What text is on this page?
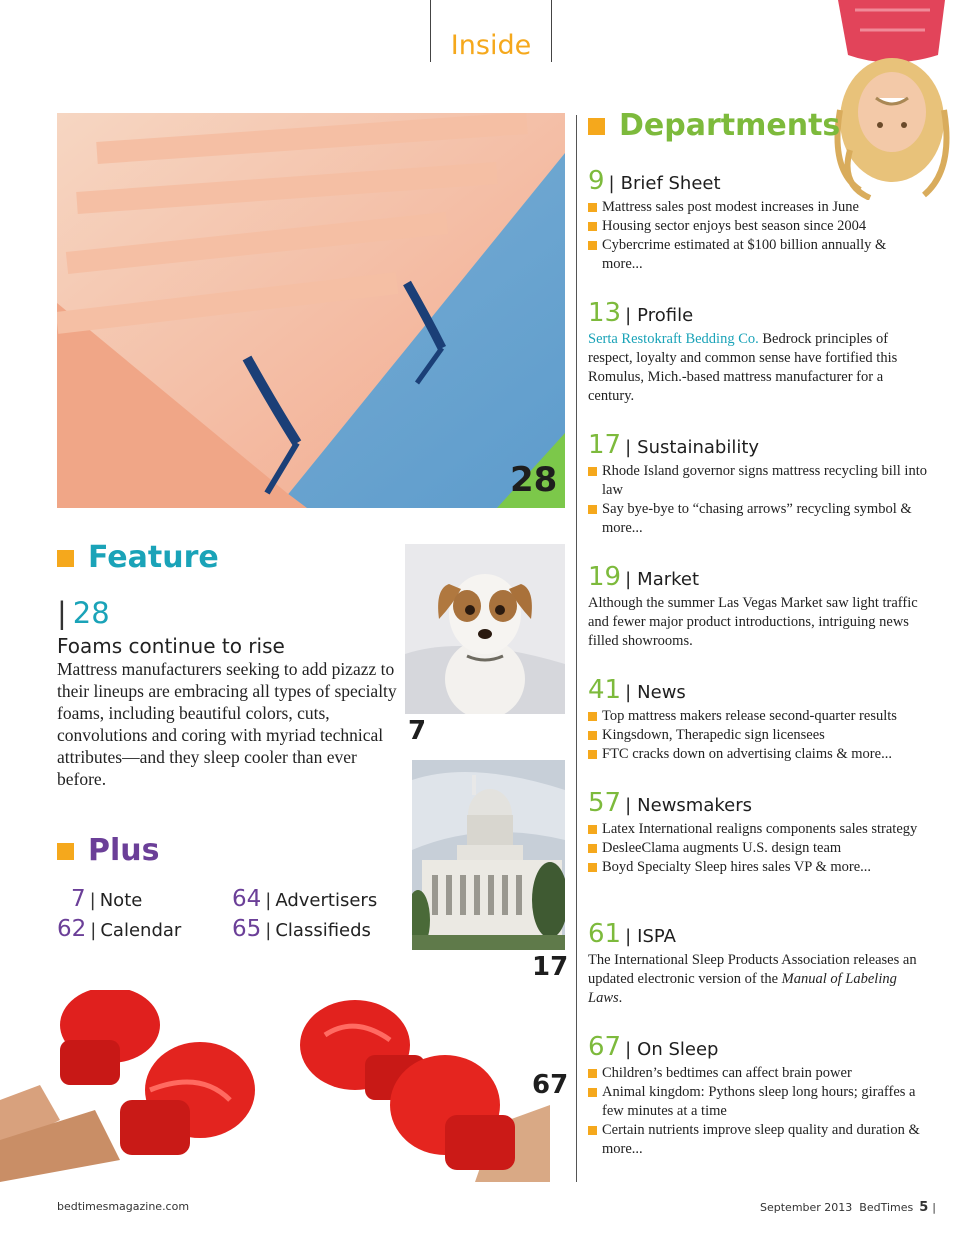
Inside
Departments
28
Feature
| 28
Foams continue to rise
Mattress manufacturers seeking to add pizazz to their lineups are embracing all types of specialty foams, including beautiful colors, cuts, convolutions and coring with myriad technical attributes—and they sleep cooler than ever before.
Plus
7 | Note	64 | Advertisers
62 | Calendar 65 | Classifieds
7
17
67
9 | Brief Sheet
Mattress sales post modest increases in June
Housing sector enjoys best season since 2004
Cybercrime estimated at $100 billion annually & more...
13 | Profile

Serta Restokraft Bedding Co. Bedrock principles of respect, loyalty and common sense have fortified this Romulus, Mich.-based mattress manufacturer for a century.

17 | Sustainability
Rhode Island governor signs mattress recycling bill into law
Say bye-bye to “chasing arrows” recycling symbol & more...
19 | Market

Although the summer Las Vegas Market saw light traffic and fewer major product introductions, intriguing news filled showrooms.

41 | News
Top mattress makers release second-quarter results
Kingsdown, Therapedic sign licensees
FTC cracks down on advertising claims & more...
57 | Newsmakers
Latex International realigns components sales strategy
DesleeClama augments U.S. design team
Boyd Specialty Sleep hires sales VP & more...
61 | ISPA

The International Sleep Products Association releases an updated electronic version of the Manual of Labeling Laws.

67 | On Sleep
Children’s bedtimes can affect brain power
Animal kingdom: Pythons sleep long hours; giraffes a few minutes at a time
Certain nutrients improve sleep quality and duration & more...
bedtimesmagazine.com	September 2013 BedTimes 5 |
